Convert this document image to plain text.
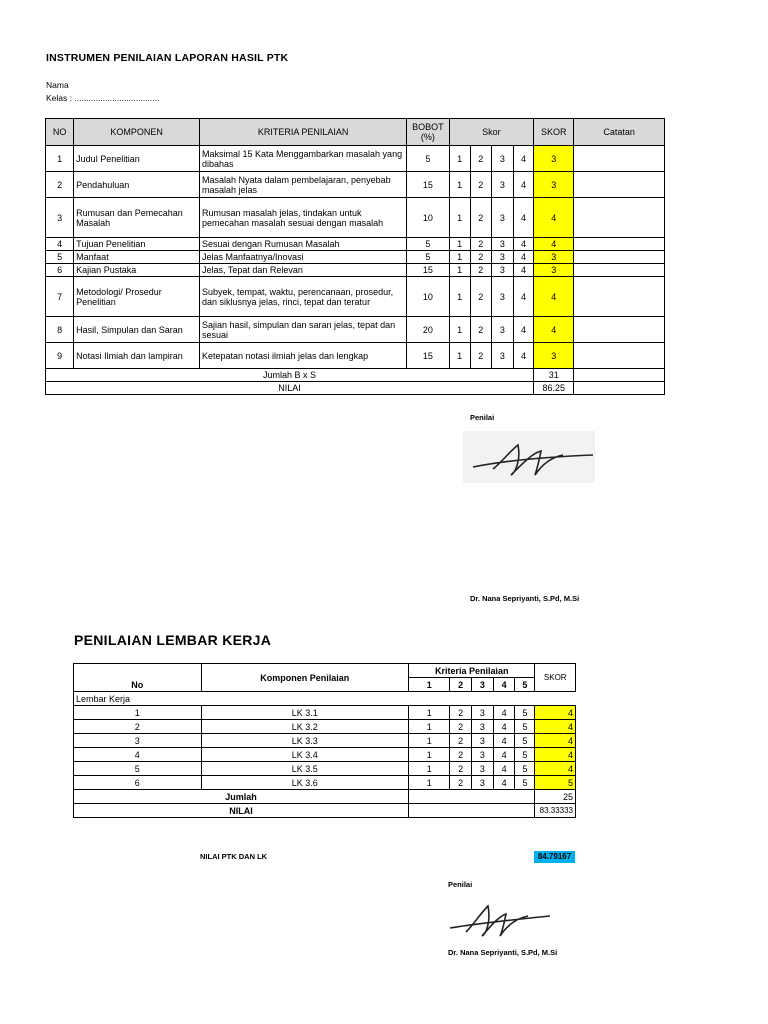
INSTRUMEN PENILAIAN LAPORAN HASIL PTK
Nama
Kelas : ....................................
NO	KOMPONEN	KRITERIA PENILAIAN	BOBOT (%)	Skor				SKOR	Catatan
1	Judul Penelitian	Maksimal 15 Kata Menggambarkan masalah yang dibahas	5	1	2	3	4	3	
2	Pendahuluan	Masalah Nyata dalam pembelajaran, penyebab masalah jelas	15	1	2	3	4	3	
3	Rumusan dan Pemecahan Masalah	Rumusan masalah jelas, tindakan untuk pemecahan masalah sesuai dengan masalah	10	1	2	3	4	4	
4	Tujuan Penelitian	Sesuai dengan Rumusan Masalah	5	1	2	3	4	4	
5	Manfaat	Jelas Manfaatnya/Inovasi	5	1	2	3	4	3	
6	Kajian Pustaka	Jelas, Tepat dan Relevan	15	1	2	3	4	3	
7	Metodologi/ Prosedur Penelitian	Subyek, tempat, waktu, perencanaan, prosedur, dan siklusnya jelas, rinci, tepat dan teratur	10	1	2	3	4	4	
8	Hasil, Simpulan dan Saran	Sajian hasil, simpulan dan saran jelas, tepat dan sesuai	20	1	2	3	4	4	
9	Notasi Ilmiah dan lampiran	Ketepatan notasi ilmiah jelas dan lengkap	15	1	2	3	4	3	
Jumlah B x S								31	
NILAI								86.25	
Penilai
Dr. Nana Sepriyanti, S.Pd, M.Si
PENILAIAN LEMBAR KERJA
No	Komponen Penilaian	Kriteria Penilaian					SKOR
		1	2	3	4	5	
Lembar Kerja							
1	LK 3.1	1	2	3	4	5	4
2	LK 3.2	1	2	3	4	5	4
3	LK 3.3	1	2	3	4	5	4
4	LK 3.4	1	2	3	4	5	4
5	LK 3.5	1	2	3	4	5	4
6	LK 3.6	1	2	3	4	5	5
Jumlah							25
NILAI							83.33333
NILAI PTK DAN LK	84.79167
Penilai
Dr. Nana Sepriyanti, S.Pd, M.Si
